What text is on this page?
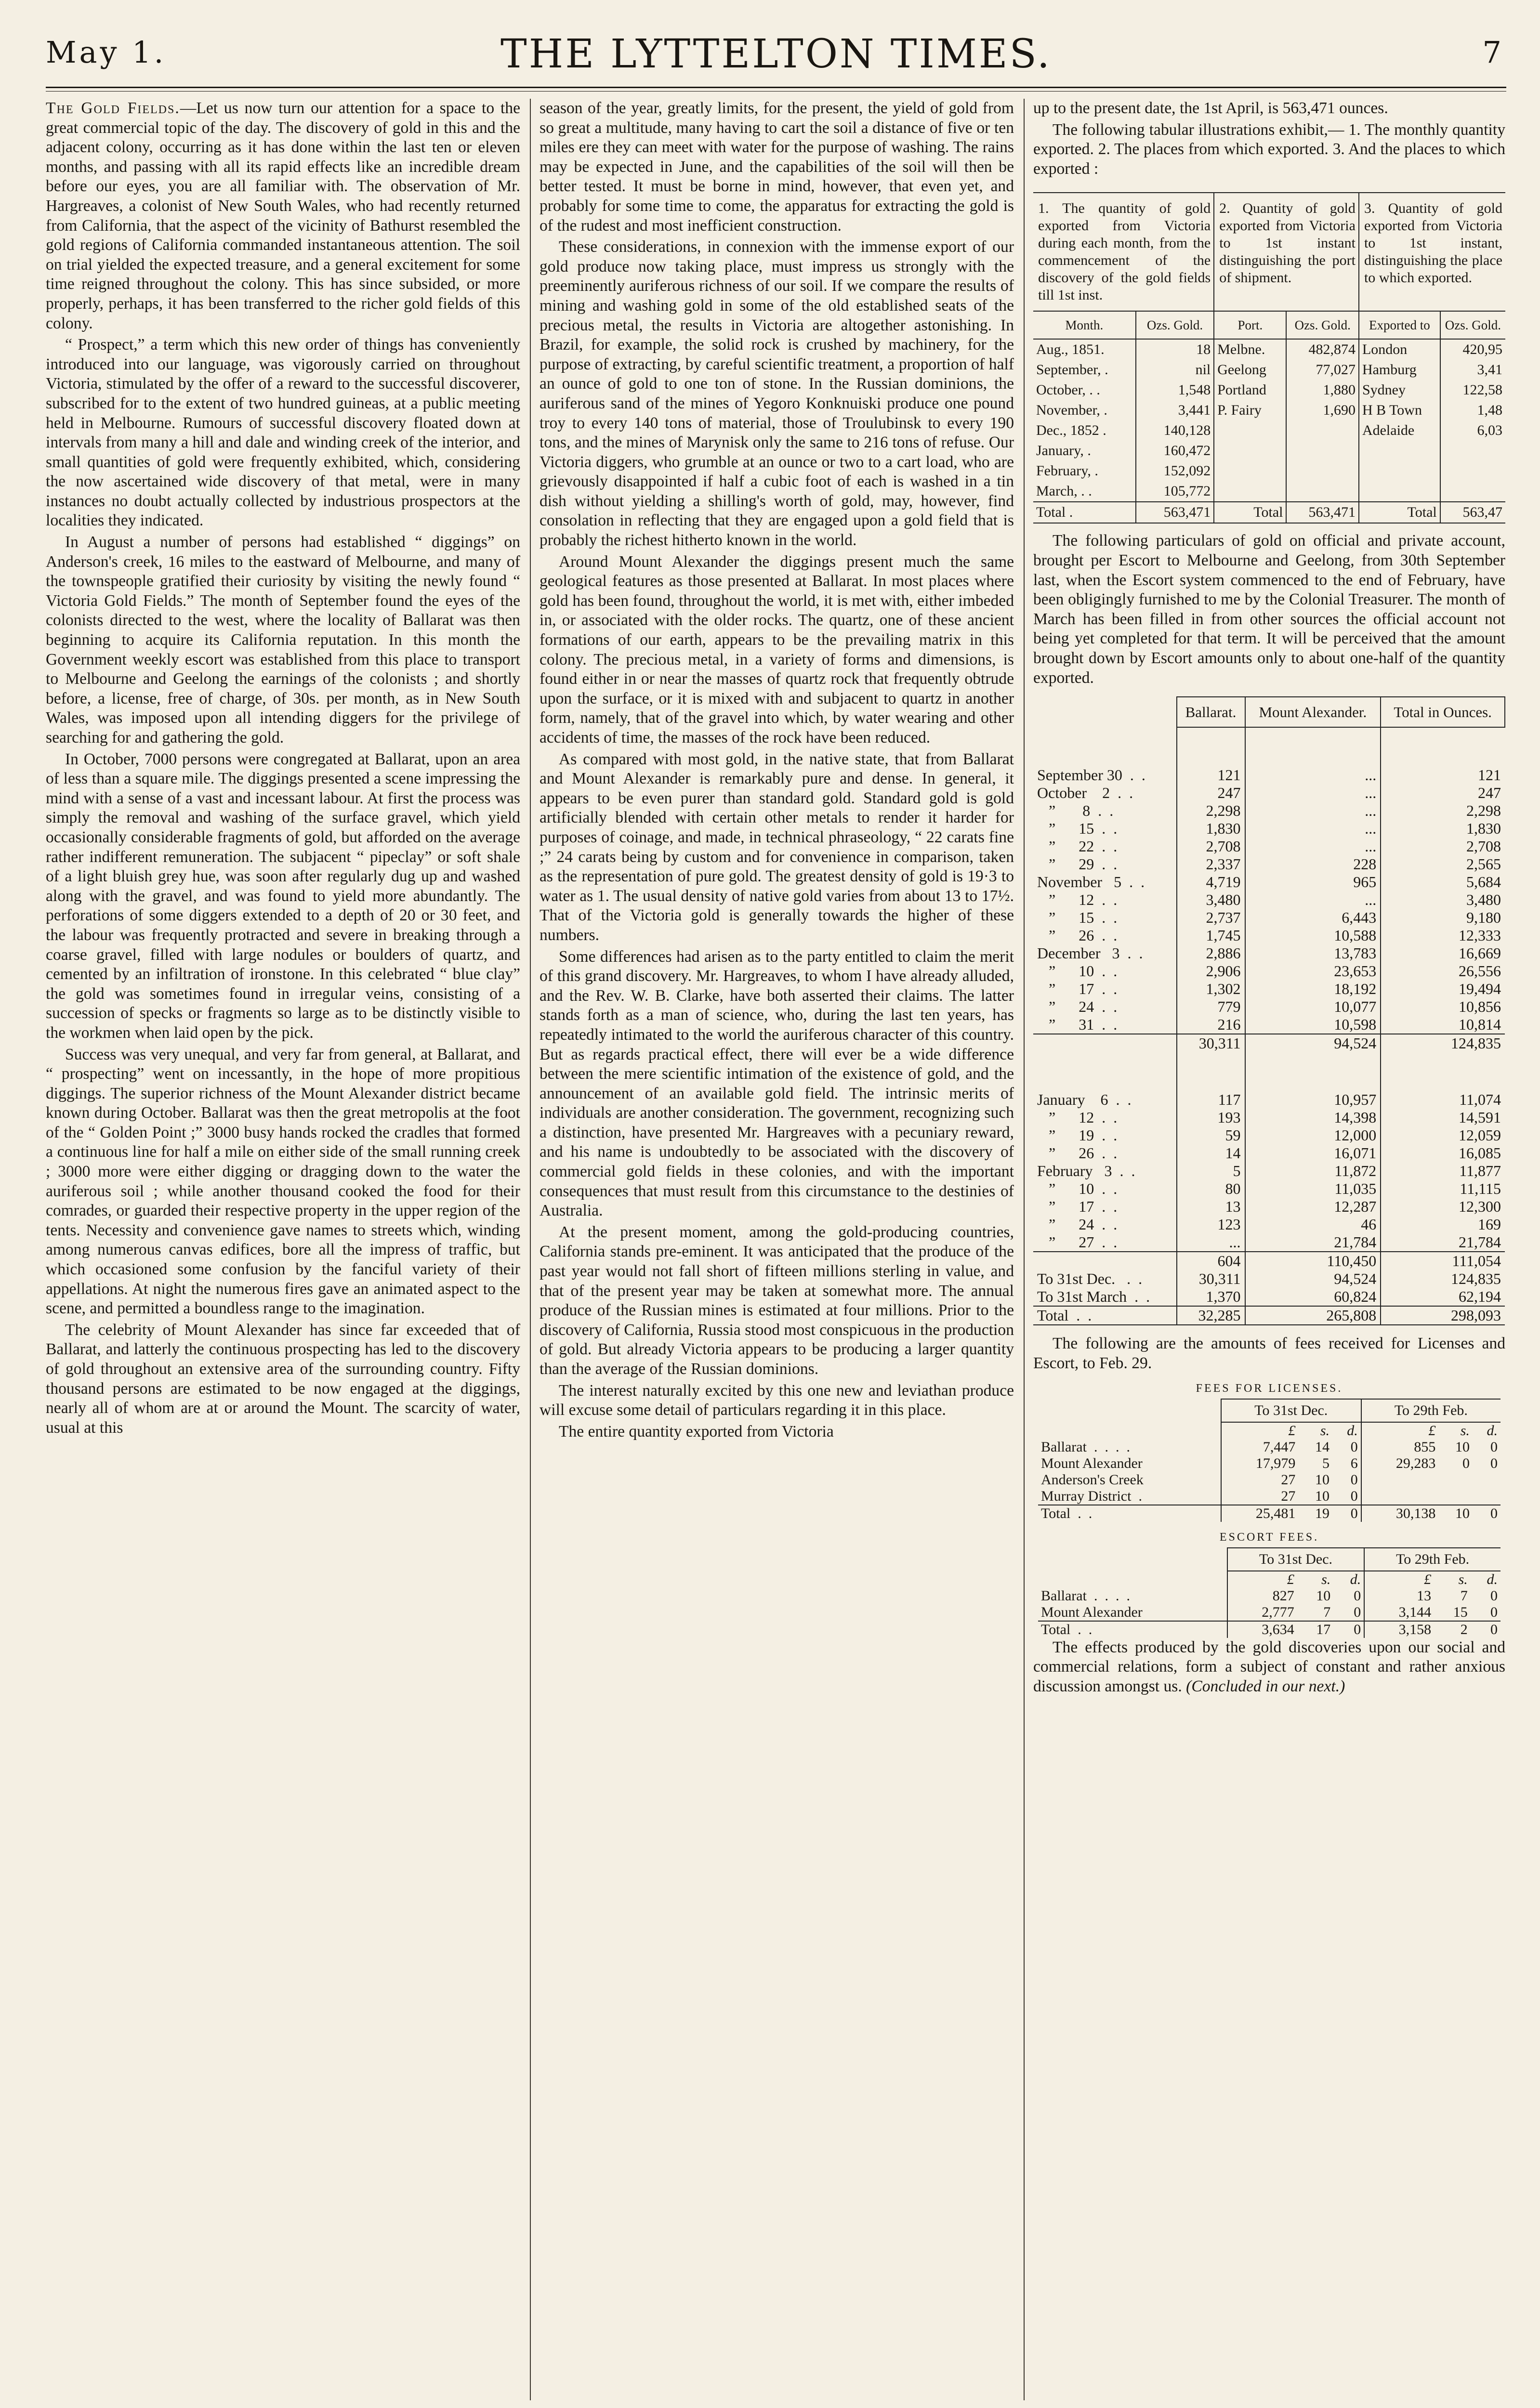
May 1.	THE LYTTELTON TIMES.	7

The Gold Fields.—Let us now turn our attention for a space to the great commercial topic of the day. The discovery of gold in this and the adjacent colony, occurring as it has done within the last ten or eleven months, and passing with all its rapid effects like an incredible dream before our eyes, you are all familiar with. The observation of Mr. Hargreaves, a colonist of New South Wales, who had recently returned from California, that the aspect of the vicinity of Bathurst resembled the gold regions of California commanded instantaneous attention. The soil on trial yielded the expected treasure, and a general excitement for some time reigned throughout the colony. This has since subsided, or more properly, perhaps, it has been transferred to the richer gold fields of this colony.

“ Prospect,” a term which this new order of things has conveniently introduced into our language, was vigorously carried on throughout Victoria, stimulated by the offer of a reward to the successful discoverer, subscribed for to the extent of two hundred guineas, at a public meeting held in Melbourne. Rumours of successful discovery floated down at intervals from many a hill and dale and winding creek of the interior, and small quantities of gold were frequently exhibited, which, considering the now ascertained wide discovery of that metal, were in many instances no doubt actually collected by industrious prospectors at the localities they indicated.

In August a number of persons had established “ diggings” on Anderson's creek, 16 miles to the eastward of Melbourne, and many of the townspeople gratified their curiosity by visiting the newly found “ Victoria Gold Fields.” The month of September found the eyes of the colonists directed to the west, where the locality of Ballarat was then beginning to acquire its California reputation. In this month the Government weekly escort was established from this place to transport to Melbourne and Geelong the earnings of the colonists ; and shortly before, a license, free of charge, of 30s. per month, as in New South Wales, was imposed upon all intending diggers for the privilege of searching for and gathering the gold.

In October, 7000 persons were congregated at Ballarat, upon an area of less than a square mile. The diggings presented a scene impressing the mind with a sense of a vast and incessant labour. At first the process was simply the removal and washing of the surface gravel, which yield occasionally considerable fragments of gold, but afforded on the average rather indifferent remuneration. The subjacent “ pipeclay” or soft shale of a light bluish grey hue, was soon after regularly dug up and washed along with the gravel, and was found to yield more abundantly. The perforations of some diggers extended to a depth of 20 or 30 feet, and the labour was frequently protracted and severe in breaking through a coarse gravel, filled with large nodules or boulders of quartz, and cemented by an infiltration of ironstone. In this celebrated “ blue clay” the gold was sometimes found in irregular veins, consisting of a succession of specks or fragments so large as to be distinctly visible to the workmen when laid open by the pick.

Success was very unequal, and very far from general, at Ballarat, and “ prospecting” went on incessantly, in the hope of more propitious diggings. The superior richness of the Mount Alexander district became known during October. Ballarat was then the great metropolis at the foot of the “ Golden Point ;” 3000 busy hands rocked the cradles that formed a continuous line for half a mile on either side of the small running creek ; 3000 more were either digging or dragging down to the water the auriferous soil ; while another thousand cooked the food for their comrades, or guarded their respective property in the upper region of the tents. Necessity and convenience gave names to streets which, winding among numerous canvas edifices, bore all the impress of traffic, but which occasioned some confusion by the fanciful variety of their appellations. At night the numerous fires gave an animated aspect to the scene, and permitted a boundless range to the imagination.

The celebrity of Mount Alexander has since far exceeded that of Ballarat, and latterly the continuous prospecting has led to the discovery of gold throughout an extensive area of the surrounding country. Fifty thousand persons are estimated to be now engaged at the diggings, nearly all of whom are at or around the Mount. The scarcity of water, usual at this

season of the year, greatly limits, for the present, the yield of gold from so great a multitude, many having to cart the soil a distance of five or ten miles ere they can meet with water for the purpose of washing. The rains may be expected in June, and the capabilities of the soil will then be better tested. It must be borne in mind, however, that even yet, and probably for some time to come, the apparatus for extracting the gold is of the rudest and most inefficient construction.

These considerations, in connexion with the immense export of our gold produce now taking place, must impress us strongly with the preeminently auriferous richness of our soil. If we compare the results of mining and washing gold in some of the old established seats of the precious metal, the results in Victoria are altogether astonishing. In Brazil, for example, the solid rock is crushed by machinery, for the purpose of extracting, by careful scientific treatment, a proportion of half an ounce of gold to one ton of stone. In the Russian dominions, the auriferous sand of the mines of Yegoro Konknuiski produce one pound troy to every 140 tons of material, those of Troulubinsk to every 190 tons, and the mines of Marynisk only the same to 216 tons of refuse. Our Victoria diggers, who grumble at an ounce or two to a cart load, who are grievously disappointed if half a cubic foot of each is washed in a tin dish without yielding a shilling's worth of gold, may, however, find consolation in reflecting that they are engaged upon a gold field that is probably the richest hitherto known in the world.

Around Mount Alexander the diggings present much the same geological features as those presented at Ballarat. In most places where gold has been found, throughout the world, it is met with, either imbeded in, or associated with the older rocks. The quartz, one of these ancient formations of our earth, appears to be the prevailing matrix in this colony. The precious metal, in a variety of forms and dimensions, is found either in or near the masses of quartz rock that frequently obtrude upon the surface, or it is mixed with and subjacent to quartz in another form, namely, that of the gravel into which, by water wearing and other accidents of time, the masses of the rock have been reduced.

As compared with most gold, in the native state, that from Ballarat and Mount Alexander is remarkably pure and dense. In general, it appears to be even purer than standard gold. Standard gold is gold artificially blended with certain other metals to render it harder for purposes of coinage, and made, in technical phraseology, “ 22 carats fine ;” 24 carats being by custom and for convenience in comparison, taken as the representation of pure gold. The greatest density of gold is 19·3 to water as 1. The usual density of native gold varies from about 13 to 17½. That of the Victoria gold is generally towards the higher of these numbers.

Some differences had arisen as to the party entitled to claim the merit of this grand discovery. Mr. Hargreaves, to whom I have already alluded, and the Rev. W. B. Clarke, have both asserted their claims. The latter stands forth as a man of science, who, during the last ten years, has repeatedly intimated to the world the auriferous character of this country. But as regards practical effect, there will ever be a wide difference between the mere scientific intimation of the existence of gold, and the announcement of an available gold field. The intrinsic merits of individuals are another consideration. The government, recognizing such a distinction, have presented Mr. Hargreaves with a pecuniary reward, and his name is undoubtedly to be associated with the discovery of commercial gold fields in these colonies, and with the important consequences that must result from this circumstance to the destinies of Australia.

At the present moment, among the gold-producing countries, California stands pre-eminent. It was anticipated that the produce of the past year would not fall short of fifteen millions sterling in value, and that of the present year may be taken at somewhat more. The annual produce of the Russian mines is estimated at four millions. Prior to the discovery of California, Russia stood most conspicuous in the production of gold. But already Victoria appears to be producing a larger quantity than the average of the Russian dominions.

The interest naturally excited by this one new and leviathan produce will excuse some detail of particulars regarding it in this place.

The entire quantity exported from Victoria

up to the present date, the 1st April, is 563,471 ounces.

The following tabular illustrations exhibit,— 1. The monthly quantity exported. 2. The places from which exported. 3. And the places to which exported :

1. The quantity of gold exported from Victoria during each month, from the commencement of the discovery of the gold fields till 1st inst.		2. Quantity of gold exported from Victoria to 1st instant distinguishing the port of shipment.		3. Quantity of gold exported from Victoria to 1st instant, distinguishing the place to which exported.	
Month.	Ozs. Gold.	Port.	Ozs. Gold.	Exported to	Ozs. Gold.
Aug., 1851.	18	Melbne.	482,874	London	420,95
September, .	nil	Geelong	77,027	Hamburg	3,41
October, . .	1,548	Portland	1,880	Sydney	122,58
November, .	3,441	P. Fairy	1,690	H B Town	1,48
Dec., 1852 .	140,128			Adelaide	6,03
January, .	160,472				
February, .	152,092				
March, . .	105,772				
Total .	563,471	Total	563,471	Total	563,47

The following particulars of gold on official and private account, brought per Escort to Melbourne and Geelong, from 30th September last, when the Escort system commenced to the end of February, have been obligingly furnished to me by the Colonial Treasurer. The month of March has been filled in from other sources the official account not being yet completed for that term. It will be perceived that the amount brought down by Escort amounts only to about one-half of the quantity exported.

	Ballarat.	Mount Alexander.	Total in Ounces.

September 30  .  .	121	...	121
October    2  .  .	247	...	247
”       8  .  .	2,298	...	2,298
”      15  .  .	1,830	...	1,830
”      22  .  .	2,708	...	2,708
”      29  .  .	2,337	228	2,565
November   5  .  .	4,719	965	5,684
”      12  .  .	3,480	...	3,480
”      15  .  .	2,737	6,443	9,180
”      26  .  .	1,745	10,588	12,333
December   3  .  .	2,886	13,783	16,669
”      10  .  .	2,906	23,653	26,556
”      17  .  .	1,302	18,192	19,494
”      24  .  .	779	10,077	10,856
”      31  .  .	216	10,598	10,814
	30,311	94,524	124,835

January    6  .  .	117	10,957	11,074
”      12  .  .	193	14,398	14,591
”      19  .  .	59	12,000	12,059
”      26  .  .	14	16,071	16,085
February   3  .  .	5	11,872	11,877
”      10  .  .	80	11,035	11,115
”      17  .  .	13	12,287	12,300
”      24  .  .	123	46	169
”      27  .  .	...	21,784	21,784
	604	110,450	111,054
To 31st Dec.   .  .	30,311	94,524	124,835
To 31st March  .  .	1,370	60,824	62,194
Total  .  .	32,285	265,808	298,093

The following are the amounts of fees received for Licenses and Escort, to Feb. 29.

FEES FOR LICENSES.
	To 31st Dec.			To 29th Feb.		
	£	s.	d.	£	s.	d.
Ballarat  .  .  .  .	7,447	14	0	855	10	0
Mount Alexander	17,979	5	6	29,283	0	0
Anderson's Creek	27	10	0			
Murray District  .	27	10	0			
Total  .  .	25,481	19	0	30,138	10	0
ESCORT FEES.
	To 31st Dec.			To 29th Feb.		
	£	s.	d.	£	s.	d.
Ballarat  .  .  .  .	827	10	0	13	7	0
Mount Alexander	2,777	7	0	3,144	15	0
Total  .  .	3,634	17	0	3,158	2	0

The effects produced by the gold discoveries upon our social and commercial relations, form a subject of constant and rather anxious discussion amongst us. (Concluded in our next.)
